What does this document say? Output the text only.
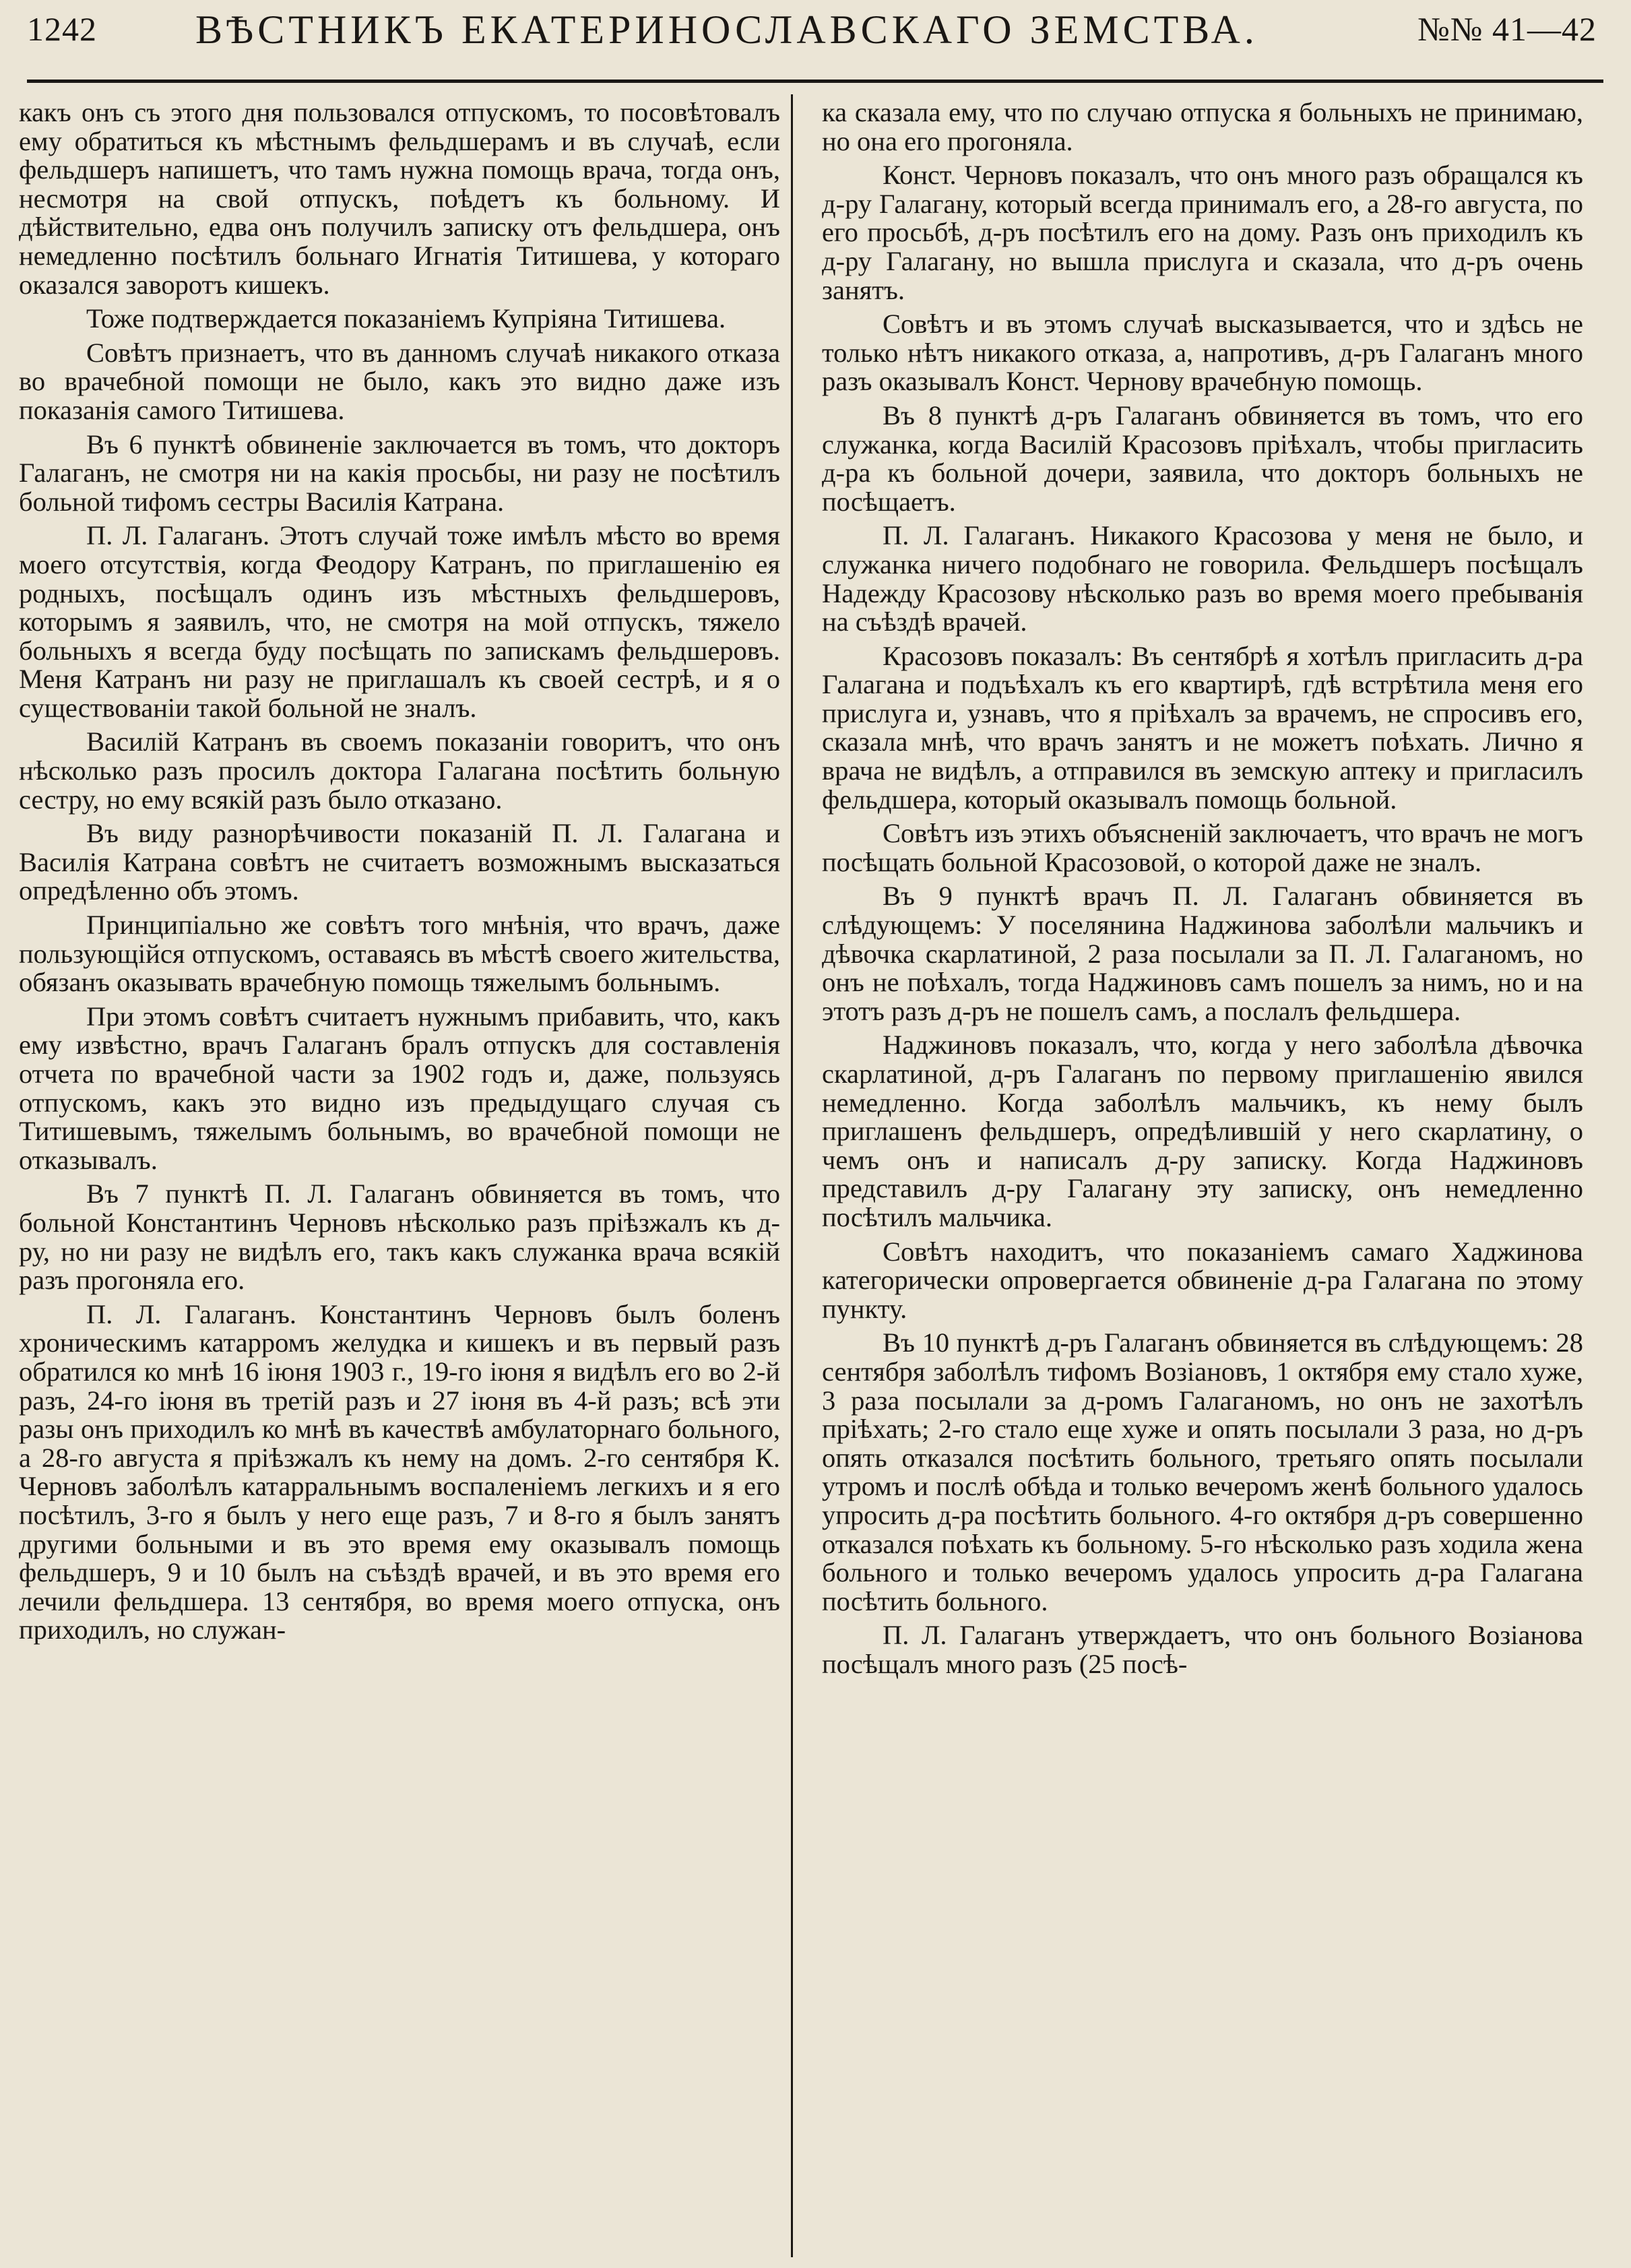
1242 ВѢСТНИКЪ ЕКАТЕРИНОСЛАВСКАГО ЗЕМСТВА.	№№ 41—42

какъ онъ съ этого дня пользовался отпускомъ, то посовѣтовалъ ему обратиться къ мѣстнымъ фельдшерамъ и въ случаѣ, если фельдшеръ напишетъ, что тамъ нужна помощь врача, тогда онъ, несмотря на свой отпускъ, поѣдетъ къ больному. И дѣйствительно, едва онъ получилъ записку отъ фельдшера, онъ немедленно посѣтилъ больнаго Игнатія Титишева, у котораго оказался заворотъ кишекъ.

Тоже подтверждается показаніемъ Купріяна Титишева.

Совѣтъ признаетъ, что въ данномъ случаѣ никакого отказа во врачебной помощи не было, какъ это видно даже изъ показанія самого Титишева.

Въ 6 пунктѣ обвиненіе заключается въ томъ, что докторъ Галаганъ, не смотря ни на какія просьбы, ни разу не посѣтилъ больной тифомъ сестры Василія Катрана.

П. Л. Галаганъ. Этотъ случай тоже имѣлъ мѣсто во время моего отсутствія, когда Феодору Катранъ, по приглашенію ея родныхъ, посѣщалъ одинъ изъ мѣстныхъ фельдшеровъ, которымъ я заявилъ, что, не смотря на мой отпускъ, тяжело больныхъ я всегда буду посѣщать по запискамъ фельдшеровъ. Меня Катранъ ни разу не приглашалъ къ своей сестрѣ, и я о существованіи такой больной не зналъ.

Василій Катранъ въ своемъ показаніи говоритъ, что онъ нѣсколько разъ просилъ доктора Галагана посѣтить больную сестру, но ему всякій разъ было отказано.

Въ виду разнорѣчивости показаній П. Л. Галагана и Василія Катрана совѣтъ не считаетъ возможнымъ высказаться опредѣленно объ этомъ.

Принципіально же совѣтъ того мнѣнія, что врачъ, даже пользующійся отпускомъ, оставаясь въ мѣстѣ своего жительства, обязанъ оказывать врачебную помощь тяжелымъ больнымъ.

При этомъ совѣтъ считаетъ нужнымъ прибавить, что, какъ ему извѣстно, врачъ Галаганъ бралъ отпускъ для составленія отчета по врачебной части за 1902 годъ и, даже, пользуясь отпускомъ, какъ это видно изъ предыдущаго случая съ Титишевымъ, тяжелымъ больнымъ, во врачебной помощи не отказывалъ.

Въ 7 пунктѣ П. Л. Галаганъ обвиняется въ томъ, что больной Константинъ Черновъ нѣсколько разъ пріѣзжалъ къ д-ру, но ни разу не видѣлъ его, такъ какъ служанка врача всякій разъ прогоняла его.

П. Л. Галаганъ. Константинъ Черновъ былъ боленъ хроническимъ катарромъ желудка и кишекъ и въ первый разъ обратился ко мнѣ 16 іюня 1903 г., 19-го іюня я видѣлъ его во 2-й разъ, 24-го іюня въ третій разъ и 27 іюня въ 4-й разъ; всѣ эти разы онъ приходилъ ко мнѣ въ качествѣ амбулаторнаго больного, а 28-го августа я пріѣзжалъ къ нему на домъ. 2-го сентября К. Черновъ заболѣлъ катарральнымъ воспаленіемъ легкихъ и я его посѣтилъ, 3-го я былъ у него еще разъ, 7 и 8-го я былъ занятъ другими больными и въ это время ему оказывалъ помощь фельдшеръ, 9 и 10 былъ на съѣздѣ врачей, и въ это время его лечили фельдшера. 13 сентября, во время моего отпуска, онъ приходилъ, но служан-

ка сказала ему, что по случаю отпуска я больныхъ не принимаю, но она его прогоняла.

Конст. Черновъ показалъ, что онъ много разъ обращался къ д-ру Галагану, который всегда принималъ его, а 28-го августа, по его просьбѣ, д-ръ посѣтилъ его на дому. Разъ онъ приходилъ къ д-ру Галагану, но вышла прислуга и сказала, что д-ръ очень занятъ.

Совѣтъ и въ этомъ случаѣ высказывается, что и здѣсь не только нѣтъ никакого отказа, а, напротивъ, д-ръ Галаганъ много разъ оказывалъ Конст. Чернову врачебную помощь.

Въ 8 пунктѣ д-ръ Галаганъ обвиняется въ томъ, что его служанка, когда Василій Красозовъ пріѣхалъ, чтобы пригласить д-ра къ больной дочери, заявила, что докторъ больныхъ не посѣщаетъ.

П. Л. Галаганъ. Никакого Красозова у меня не было, и служанка ничего подобнаго не говорила. Фельдшеръ посѣщалъ Надежду Красозову нѣсколько разъ во время моего пребыванія на съѣздѣ врачей.

Красозовъ показалъ: Въ сентябрѣ я хотѣлъ пригласить д-ра Галагана и подъѣхалъ къ его квартирѣ, гдѣ встрѣтила меня его прислуга и, узнавъ, что я пріѣхалъ за врачемъ, не спросивъ его, сказала мнѣ, что врачъ занятъ и не можетъ поѣхать. Лично я врача не видѣлъ, а отправился въ земскую аптеку и пригласилъ фельдшера, который оказывалъ помощь больной.

Совѣтъ изъ этихъ объясненій заключаетъ, что врачъ не могъ посѣщать больной Красозовой, о которой даже не зналъ.

Въ 9 пунктѣ врачъ П. Л. Галаганъ обвиняется въ слѣдующемъ: У поселянина Наджинова заболѣли мальчикъ и дѣвочка скарлатиной, 2 раза посылали за П. Л. Галаганомъ, но онъ не поѣхалъ, тогда Наджиновъ самъ пошелъ за нимъ, но и на этотъ разъ д-ръ не пошелъ самъ, а послалъ фельдшера.

Наджиновъ показалъ, что, когда у него заболѣла дѣвочка скарлатиной, д-ръ Галаганъ по первому приглашенію явился немедленно. Когда заболѣлъ мальчикъ, къ нему былъ приглашенъ фельдшеръ, опредѣлившій у него скарлатину, о чемъ онъ и написалъ д-ру записку. Когда Наджиновъ представилъ д-ру Галагану эту записку, онъ немедленно посѣтилъ мальчика.

Совѣтъ находитъ, что показаніемъ самаго Хаджинова категорически опровергается обвиненіе д-ра Галагана по этому пункту.

Въ 10 пунктѣ д-ръ Галаганъ обвиняется въ слѣдующемъ: 28 сентября заболѣлъ тифомъ Возіановъ, 1 октября ему стало хуже, 3 раза посылали за д-ромъ Галаганомъ, но онъ не захотѣлъ пріѣхать; 2-го стало еще хуже и опять посылали 3 раза, но д-ръ опять отказался посѣтить больного, третьяго опять посылали утромъ и послѣ обѣда и только вечеромъ женѣ больного удалось упросить д-ра посѣтить больного. 4-го октября д-ръ совершенно отказался поѣхать къ больному. 5-го нѣсколько разъ ходила жена больного и только вечеромъ удалось упросить д-ра Галагана посѣтить больного.

П. Л. Галаганъ утверждаетъ, что онъ больного Возіанова посѣщалъ много разъ (25 посѣ-
